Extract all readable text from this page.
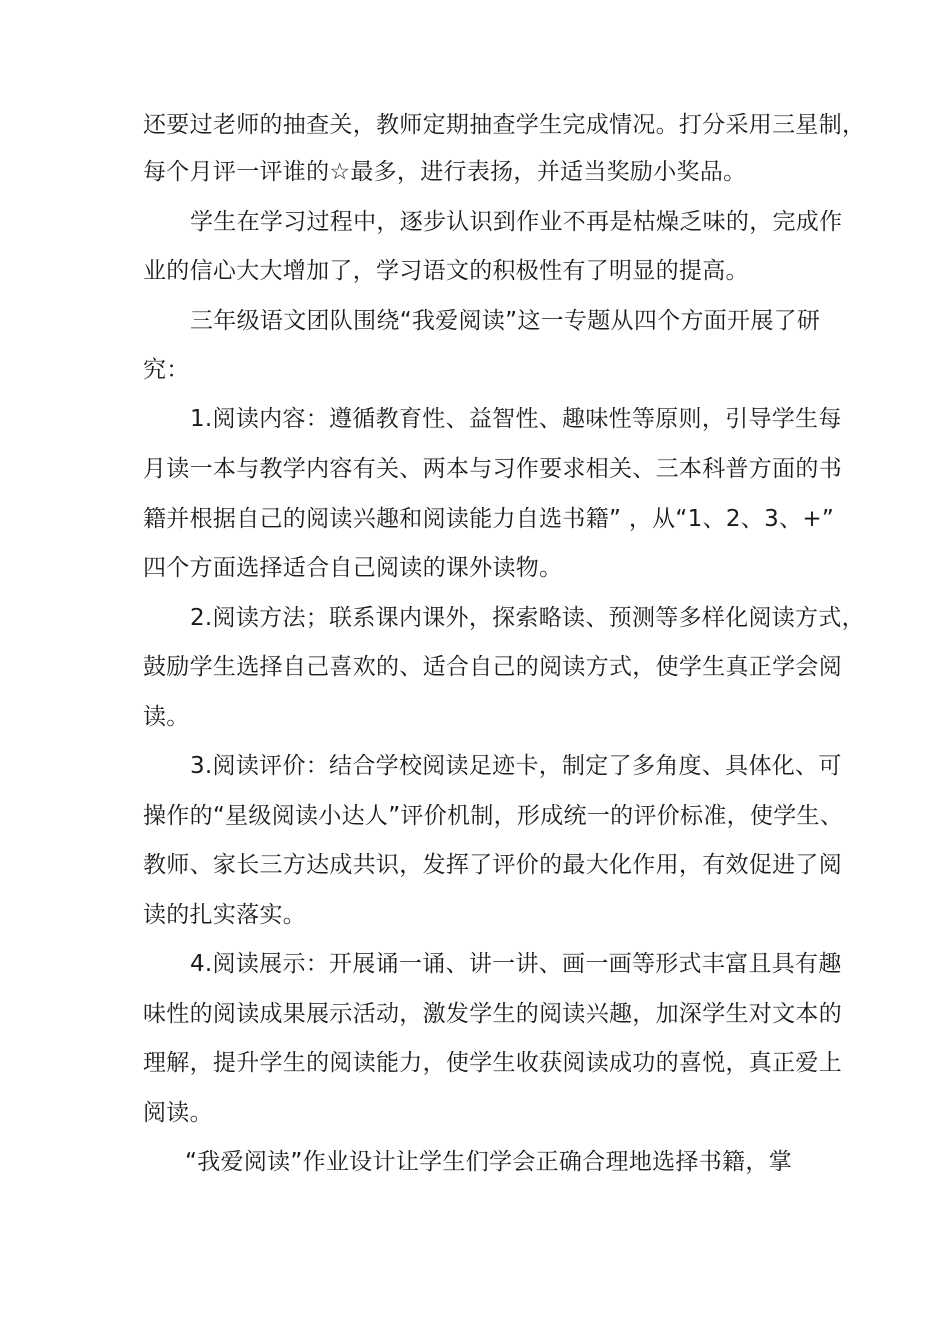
还要过老师的抽查关，教师定期抽查学生完成情况。打分采用三星制，
每个月评一评谁的☆最多，进行表扬，并适当奖励小奖品。
学生在学习过程中，逐步认识到作业不再是枯燥乏味的，完成作
业的信心大大增加了，学习语文的积极性有了明显的提高。
三年级语文团队围绕“我爱阅读”这一专题从四个方面开展了研
究：
1.阅读内容：遵循教育性、益智性、趣味性等原则，引导学生每
月读一本与教学内容有关、两本与习作要求相关、三本科普方面的书
籍并根据自己的阅读兴趣和阅读能力自选书籍” ，从“1、2、3、+”
四个方面选择适合自己阅读的课外读物。
2.阅读方法；联系课内课外，探索略读、预测等多样化阅读方式，
鼓励学生选择自己喜欢的、适合自己的阅读方式，使学生真正学会阅
读。
3.阅读评价：结合学校阅读足迹卡，制定了多角度、具体化、可
操作的“星级阅读小达人”评价机制，形成统一的评价标准，使学生、
教师、家长三方达成共识，发挥了评价的最大化作用，有效促进了阅
读的扎实落实。
4.阅读展示：开展诵一诵、讲一讲、画一画等形式丰富且具有趣
味性的阅读成果展示活动，激发学生的阅读兴趣，加深学生对文本的
理解，提升学生的阅读能力，使学生收获阅读成功的喜悦，真正爱上
阅读。
“我爱阅读”作业设计让学生们学会正确合理地选择书籍，掌
